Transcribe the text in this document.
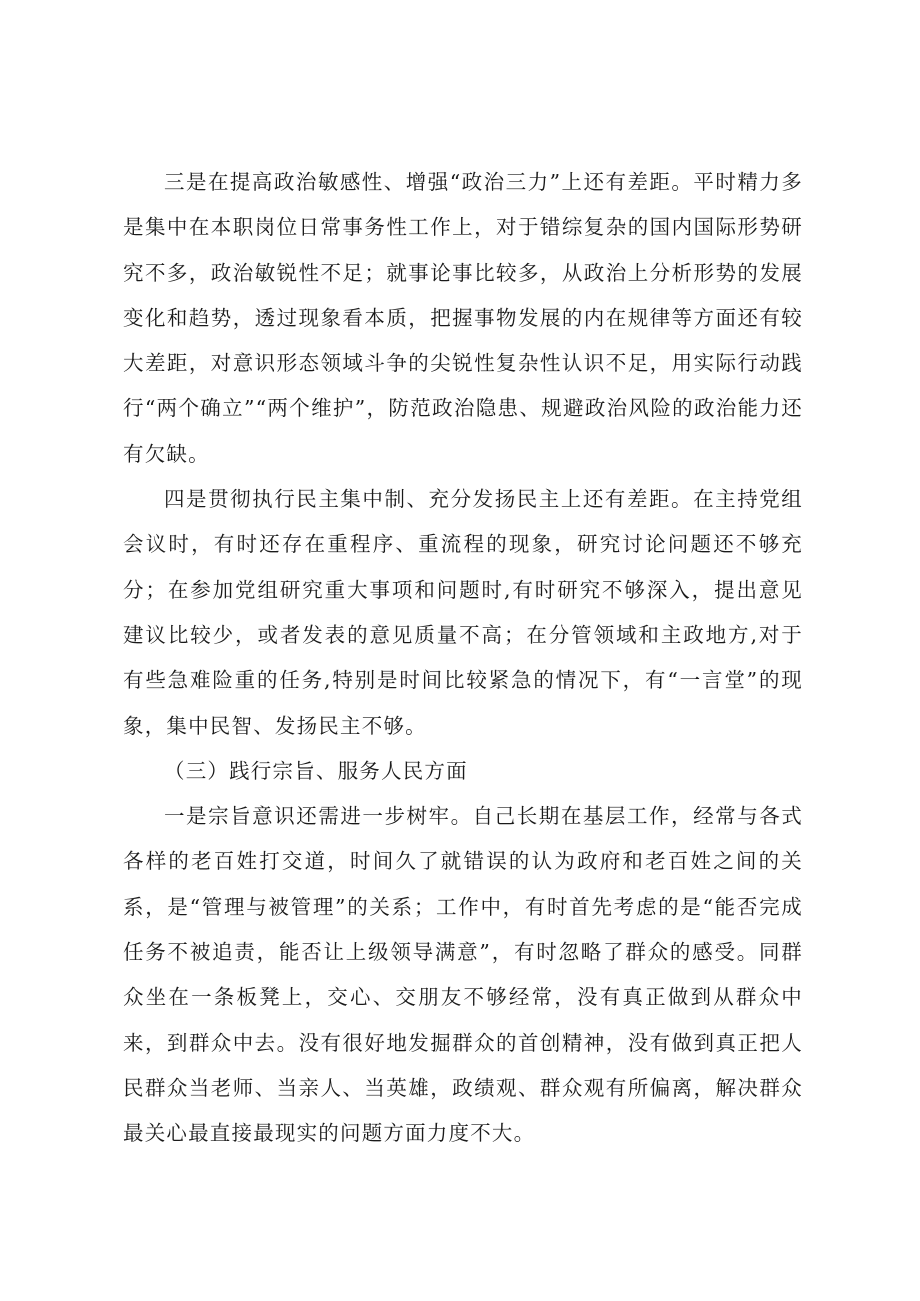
三是在提高政治敏感性、增强“政治三力”上还有差距。平时精力多是集中在本职岗位日常事务性工作上，对于错综复杂的国内国际形势研究不多，政治敏锐性不足；就事论事比较多，从政治上分析形势的发展变化和趋势，透过现象看本质，把握事物发展的内在规律等方面还有较大差距，对意识形态领域斗争的尖锐性复杂性认识不足，用实际行动践行“两个确立”“两个维护”，防范政治隐患、规避政治风险的政治能力还有欠缺。

四是贯彻执行民主集中制、充分发扬民主上还有差距。在主持党组会议时，有时还存在重程序、重流程的现象，研究讨论问题还不够充分；在参加党组研究重大事项和问题时,有时研究不够深入，提出意见建议比较少，或者发表的意见质量不高；在分管领域和主政地方,对于有些急难险重的任务,特别是时间比较紧急的情况下，有“一言堂”的现象，集中民智、发扬民主不够。

（三）践行宗旨、服务人民方面

一是宗旨意识还需进一步树牢。自己长期在基层工作，经常与各式各样的老百姓打交道，时间久了就错误的认为政府和老百姓之间的关系，是“管理与被管理”的关系；工作中，有时首先考虑的是“能否完成任务不被追责，能否让上级领导满意”，有时忽略了群众的感受。同群众坐在一条板凳上，交心、交朋友不够经常，没有真正做到从群众中来，到群众中去。没有很好地发掘群众的首创精神，没有做到真正把人民群众当老师、当亲人、当英雄，政绩观、群众观有所偏离，解决群众最关心最直接最现实的问题方面力度不大。
